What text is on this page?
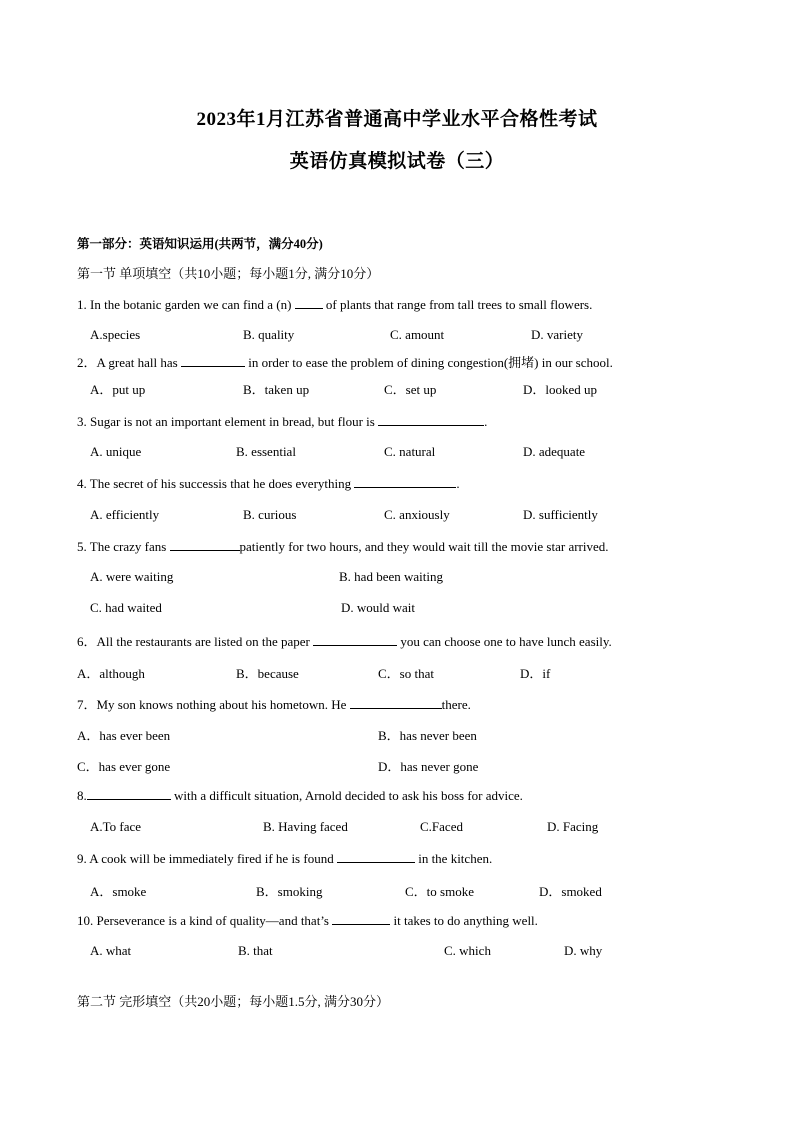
2023年1月江苏省普通高中学业水平合格性考试
英语仿真模拟试卷（三）
第一部分：英语知识运用(共两节，满分40分)
第一节 单项填空（共10小题；每小题1分, 满分10分）
1. In the botanic garden we can find a (n)  of plants that range from tall trees to small flowers.
A.species	B. quality	C. amount	D. variety
2．A great hall has	in order to ease the problem of dining congestion(拥堵) in our school.
A．put up	B．taken up	C．set up	D．looked up
3. Sugar is not an important element in bread, but flour is	.
A. unique	B. essential	C. natural	D. adequate
4. The secret of his successis that he does everything	.
A. efficiently	B. curious	C. anxiously	D. sufficiently
5. The crazy fans	patiently for two hours, and they would wait till the movie star arrived.
A. were waiting	B. had been waiting
C. had waited	D. would wait
6．All the restaurants are listed on the paper	you can choose one to have lunch easily.
A．although	B．because	C．so that	D．if
7．My son knows nothing about his hometown. He	there.
A．has ever been	B．has never been
C．has ever gone	D．has never gone
8.	with a difficult situation, Arnold decided to ask his boss for advice.
A.To face	B. Having faced	C.Faced	D. Facing
9. A cook will be immediately fired if he is found	in the kitchen.
A．smoke	B．smoking	C．to smoke	D．smoked
10. Perseverance is a kind of quality—and that’s	it takes to do anything well.
A. what	B. that	C. which	D. why
第二节 完形填空（共20小题；每小题1.5分, 满分30分）
